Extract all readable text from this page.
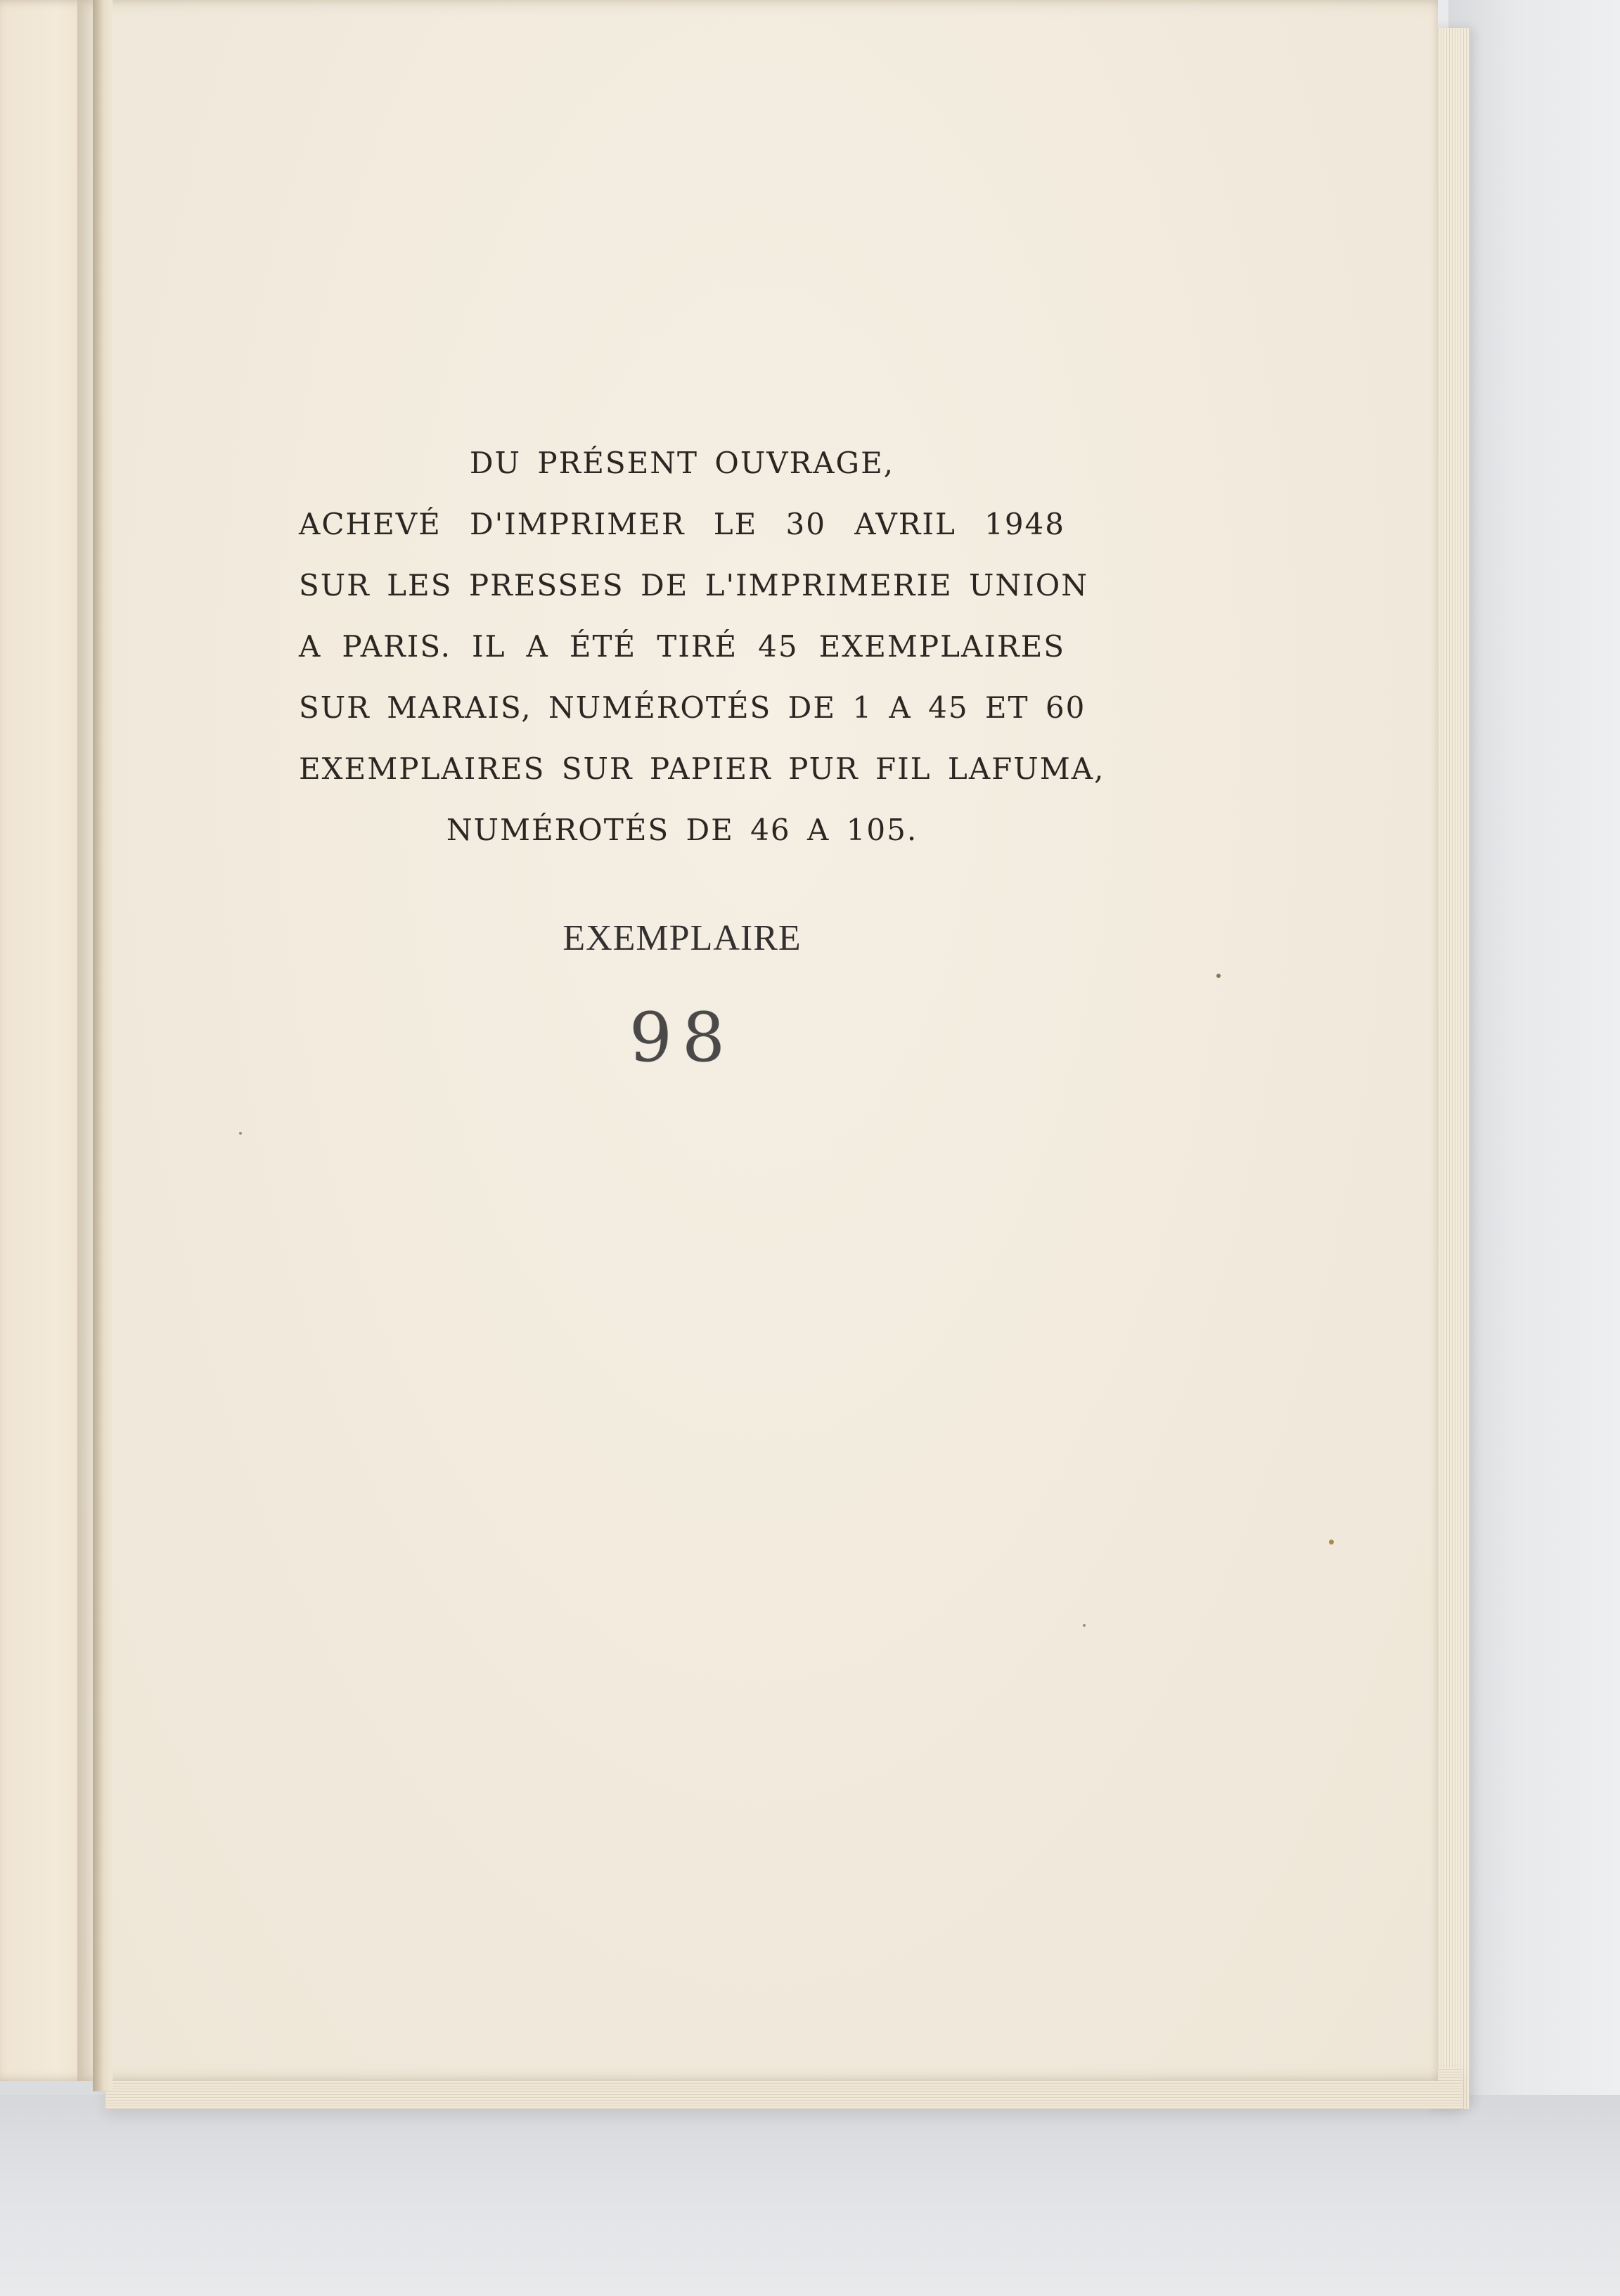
DU PRÉSENT OUVRAGE,
ACHEVÉ D'IMPRIMER LE 30 AVRIL 1948
SUR LES PRESSES DE L'IMPRIMERIE UNION
A PARIS. IL A ÉTÉ TIRÉ 45 EXEMPLAIRES
SUR MARAIS, NUMÉROTÉS DE 1 A 45 ET 60
EXEMPLAIRES SUR PAPIER PUR FIL LAFUMA,
NUMÉROTÉS DE 46 A 105.
EXEMPLAIRE
98
